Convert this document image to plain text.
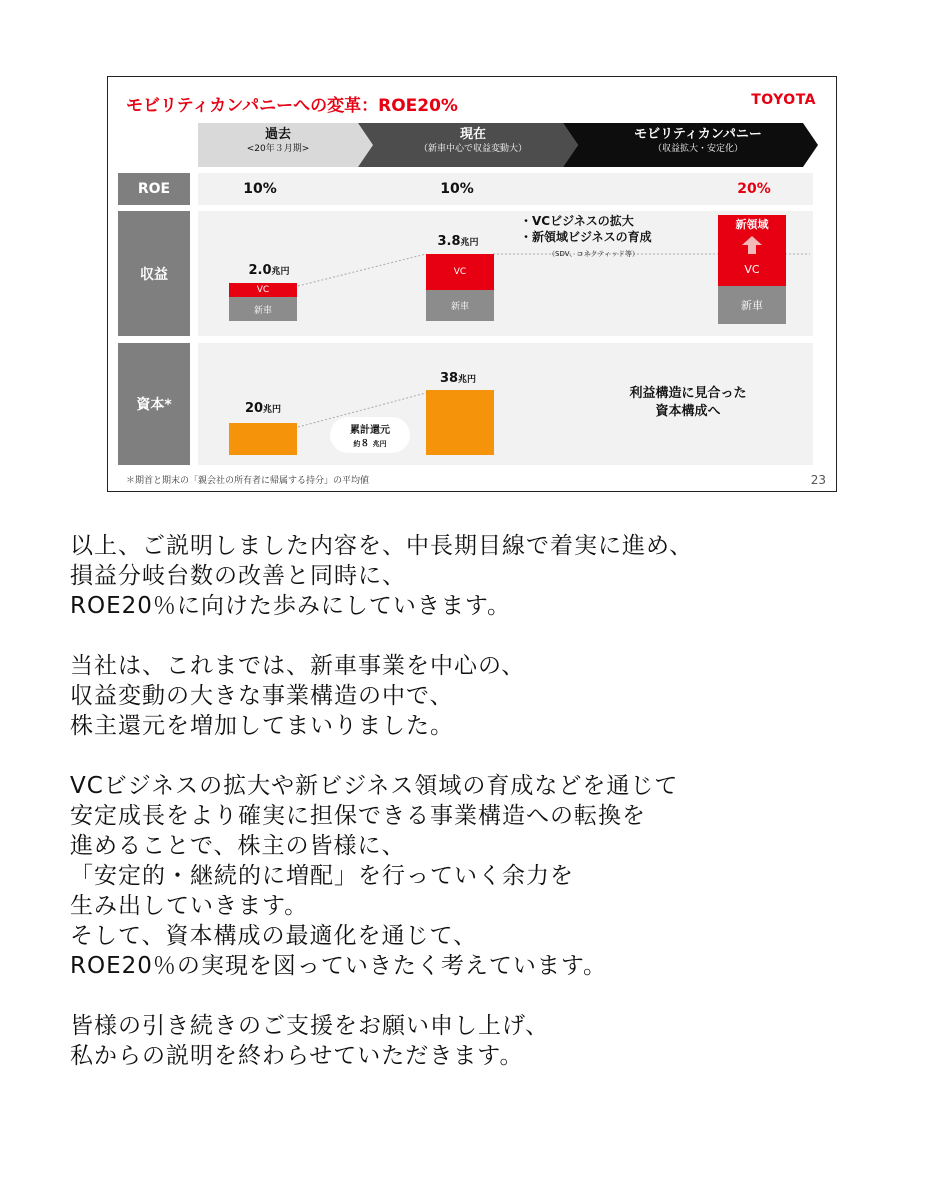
モビリティカンパニーへの変革：ROE20%	TOYOTA
過去
<20年３月期>
現在
（新車中心で収益変動大）
モビリティカンパニー
（収益拡大・安定化）
ROE	10%	10%	20%
収益	2.0兆円
VC
新車
3.8兆円
VC
新車
・VCビジネスの拡大
・新領域ビジネスの育成
（SDV、コネクティッド等）
新領域
VC
新車
資本*	20兆円
38兆円
累計還元
約８ 兆円
利益構造に見合った
資本構成へ
＊期首と期末の「親会社の所有者に帰属する持分」の平均値	23

以上、ご説明しました内容を、中長期目線で着実に進め、

損益分岐台数の改善と同時に、

ROE20％に向けた歩みにしていきます。

当社は、これまでは、新車事業を中心の、

収益変動の大きな事業構造の中で、

株主還元を増加してまいりました。

VCビジネスの拡大や新ビジネス領域の育成などを通じて

安定成長をより確実に担保できる事業構造への転換を

進めることで、株主の皆様に、

「安定的・継続的に増配」を行っていく余力を

生み出していきます。

そして、資本構成の最適化を通じて、

ROE20％の実現を図っていきたく考えています。

皆様の引き続きのご支援をお願い申し上げ、

私からの説明を終わらせていただきます。
